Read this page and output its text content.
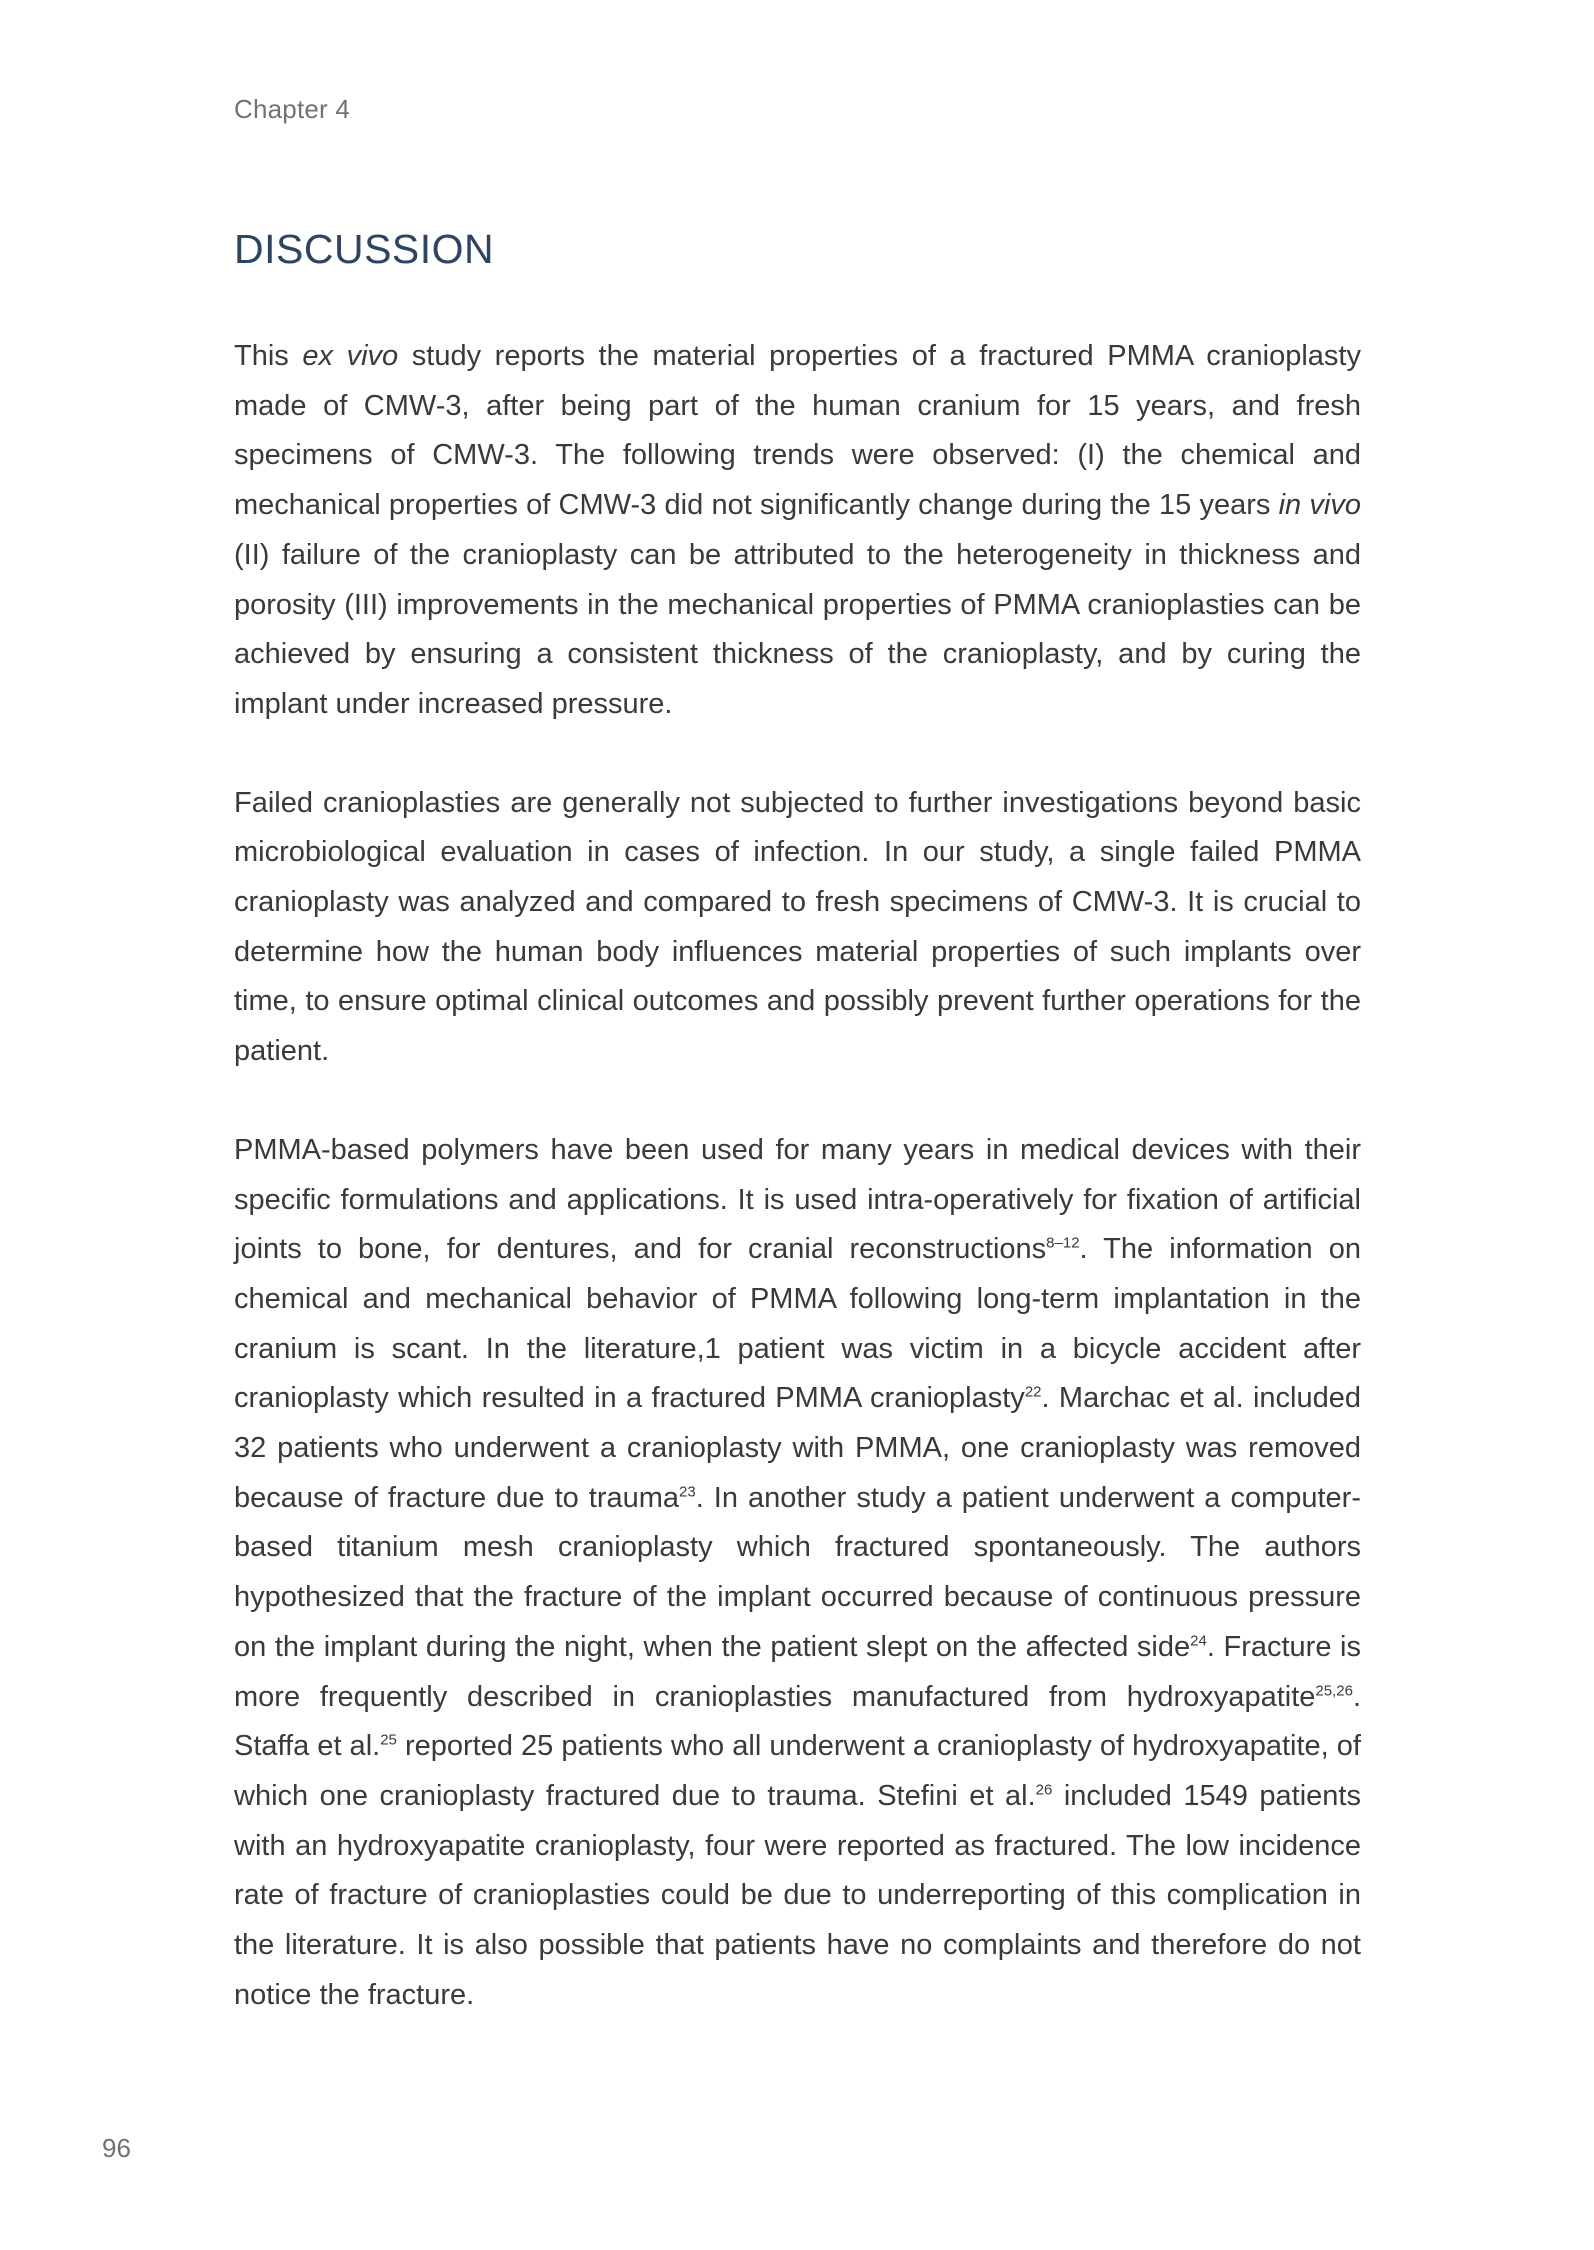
Chapter 4
DISCUSSION

This ex vivo study reports the material properties of a fractured PMMA cranioplasty made of CMW-3, after being part of the human cranium for 15 years, and fresh specimens of CMW-3. The following trends were observed: (I) the chemical and mechanical properties of CMW-3 did not significantly change during the 15 years in vivo (II) failure of the cranioplasty can be attributed to the heterogeneity in thickness and porosity (III) improvements in the mechanical properties of PMMA cranioplasties can be achieved by ensuring a consistent thickness of the cranioplasty, and by curing the implant under increased pressure.

Failed cranioplasties are generally not subjected to further investigations beyond basic microbiological evaluation in cases of infection. In our study, a single failed PMMA cranioplasty was analyzed and compared to fresh specimens of CMW-3. It is crucial to determine how the human body influences material properties of such implants over time, to ensure optimal clinical outcomes and possibly prevent further operations for the patient.

PMMA-based polymers have been used for many years in medical devices with their specific formulations and applications. It is used intra-operatively for fixation of artificial joints to bone, for dentures, and for cranial reconstructions$^{8-12}$. The information on chemical and mechanical behavior of PMMA following long-term implantation in the cranium is scant. In the literature,1 patient was victim in a bicycle accident after cranioplasty which resulted in a fractured PMMA cranioplasty$^{22}$. Marchac et al. included 32 patients who underwent a cranioplasty with PMMA, one cranioplasty was removed because of fracture due to trauma$^{23}$. In another study a patient underwent a computer-based titanium mesh cranioplasty which fractured spontaneously. The authors hypothesized that the fracture of the implant occurred because of continuous pressure on the implant during the night, when the patient slept on the affected side$^{24}$. Fracture is more frequently described in cranioplasties manufactured from hydroxyapatite$^{25,26}$. Staffa et al.$^{25}$ reported 25 patients who all underwent a cranioplasty of hydroxyapatite, of which one cranioplasty fractured due to trauma. Stefini et al.$^{26}$ included 1549 patients with an hydroxyapatite cranioplasty, four were reported as fractured. The low incidence rate of fracture of cranioplasties could be due to underreporting of this complication in the literature. It is also possible that patients have no complaints and therefore do not notice the fracture.

96
